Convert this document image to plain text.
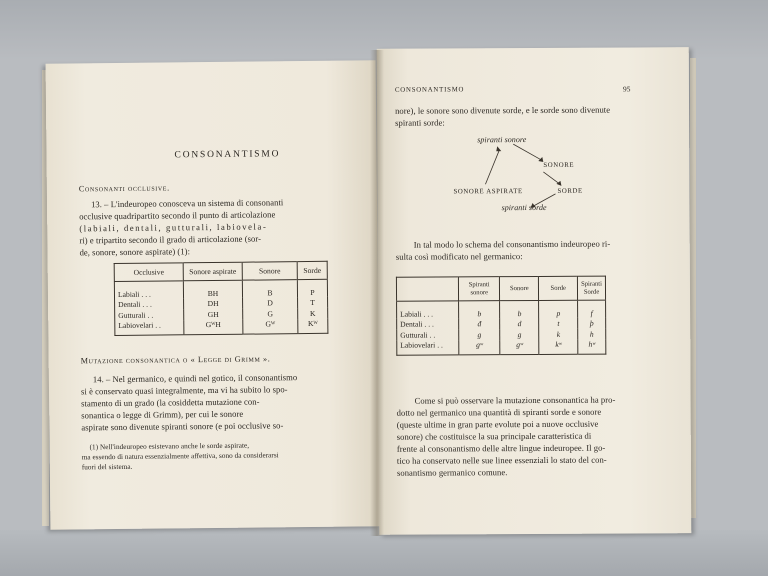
CONSONANTISMO
Consonanti occlusive.
13. – L'indeuropeo conosceva un sistema di consonanti
occlusive quadripartito secondo il punto di articolazione
(labiali, dentali, gutturali, labiovela-
ri) e tripartito secondo il grado di articolazione (sor-
de, sonore, sonore aspirate) (1):
Occlusive	Sonore aspirate	Sonore	Sorde
Labiali . . .	BH	B	P
Dentali . . .	DH	D	T
Gutturali . .	GH	G	K
Labiovelari . .	GᵂH	Gᵂ	Kᵂ
Mutazione consonantica o « Legge di Grimm ».
14. – Nel germanico, e quindi nel gotico, il consonantismo
si è conservato quasi integralmente, ma vi ha subito lo spo-
stamento di un grado (la cosiddetta mutazione con-
sonantica o legge di Grimm), per cui le sonore
aspirate sono divenute spiranti sonore (e poi occlusive so-
(1) Nell'indeuropeo esistevano anche le sorde aspirate,
ma essendo di natura essenzialmente affettiva, sono da considerarsi
fuori del sistema.
CONSONANTISMO	95
nore), le sonore sono divenute sorde, e le sorde sono divenute
spiranti sorde:
spiranti sonore
SONORE
SONORE ASPIRATE	SORDE
spiranti sorde
In tal modo lo schema del consonantismo indeuropeo ri-
sulta così modificato nel germanico:
	Spiranti sonore	Sonore	Sorde	Spiranti Sorde
Labiali . . .	b	b	p	f
Dentali . . .	đ	d	t	þ
Gutturali . .	g	g	k	h
Labiovelari . .	gʷ	gʷ	kʷ	hʷ
Come si può osservare la mutazione consonantica ha pro-
dotto nel germanico una quantità di spiranti sorde e sonore
(queste ultime in gran parte evolute poi a nuove occlusive
sonore) che costituisce la sua principale caratteristica di
frente al consonantismo delle altre lingue indeuropee. Il go-
tico ha conservato nelle sue linee essenziali lo stato del con-
sonantismo germanico comune.
